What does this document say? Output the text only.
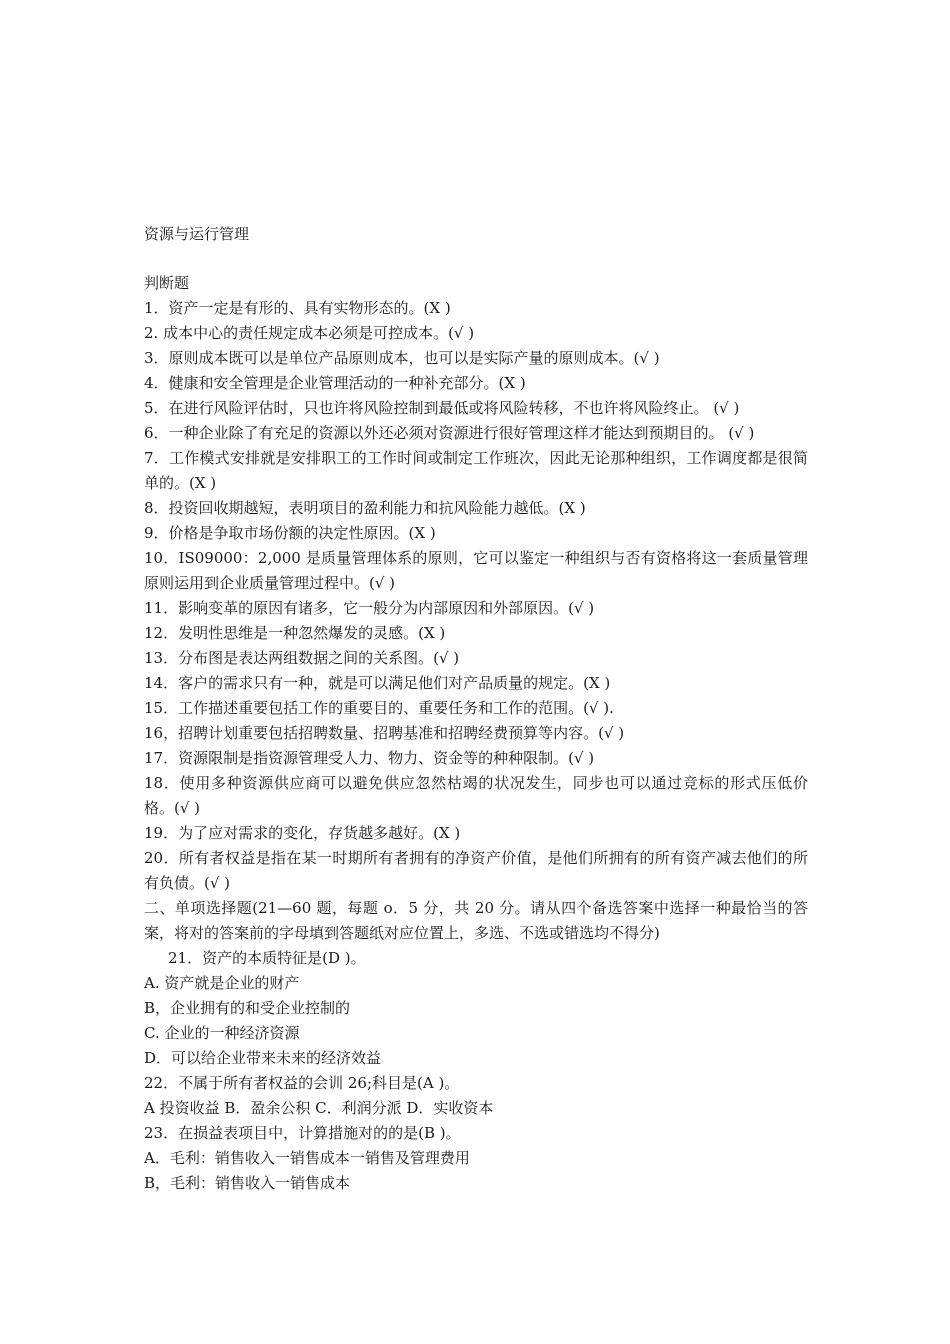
资源与运行管理

判断题

1．资产一定是有形的、具有实物形态的。(X )

2. 成本中心的责任规定成本必须是可控成本。(√ )

3．原则成本既可以是单位产品原则成本，也可以是实际产量的原则成本。(√ )

4．健康和安全管理是企业管理活动的一种补充部分。(X )

5．在进行风险评估时，只也许将风险控制到最低或将风险转移，不也许将风险终止。 (√ )

6．一种企业除了有充足的资源以外还必须对资源进行很好管理这样才能达到预期目的。 (√ )

7．工作模式安排就是安排职工的工作时间或制定工作班次，因此无论那种组织，工作调度都是很简单的。(X )

8．投资回收期越短，表明项目的盈利能力和抗风险能力越低。(X )

9．价格是争取市场份额的决定性原因。(X )

10．IS09000：2,000 是质量管理体系的原则，它可以鉴定一种组织与否有资格将这一套质量管理原则运用到企业质量管理过程中。(√ )

11．影响变革的原因有诸多，它一般分为内部原因和外部原因。(√ )

12．发明性思维是一种忽然爆发的灵感。(X )

13．分布图是表达两组数据之间的关系图。(√ )

14．客户的需求只有一种，就是可以满足他们对产品质量的规定。(X )

15．工作描述重要包括工作的重要目的、重要任务和工作的范围。(√ ).

16，招聘计划重要包括招聘数量、招聘基准和招聘经费预算等内容。(√ )

17．资源限制是指资源管理受人力、物力、资金等的种种限制。(√ )

18．使用多种资源供应商可以避免供应忽然枯竭的状况发生，同步也可以通过竞标的形式压低价格。(√ )

19．为了应对需求的变化，存货越多越好。(X )

20．所有者权益是指在某一时期所有者拥有的净资产价值，是他们所拥有的所有资产减去他们的所有负债。(√ )

二、单项选择题(21—60 题，每题 o．5 分，共 20 分。请从四个备选答案中选择一种最恰当的答案，将对的答案前的字母填到答题纸对应位置上，多选、不选或错选均不得分)

21．资产的本质特征是(D )。

A. 资产就是企业的财产

B，企业拥有的和受企业控制的

C. 企业的一种经济资源

D．可以给企业带来未来的经济效益

22．不属于所有者权益的会训 26;科目是(A )。

A 投资收益 B．盈余公积 C．利润分派 D．实收资本

23．在损益表项目中，计算措施对的的是(B )。

A．毛利：销售收入一销售成本一销售及管理费用

B，毛利：销售收入一销售成本
